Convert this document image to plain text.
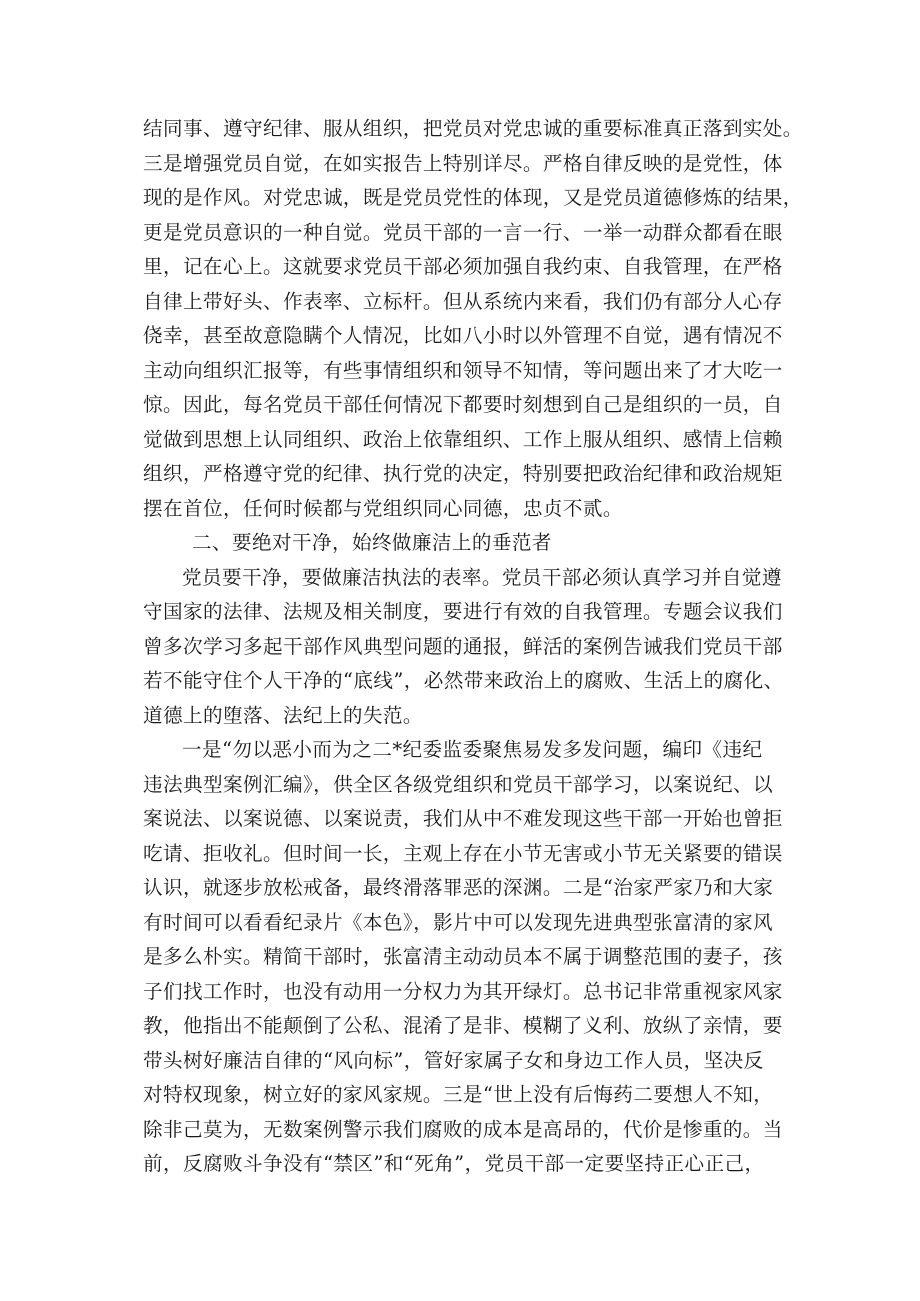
结同事、遵守纪律、服从组织，把党员对党忠诚的重要标准真正落到实处。
三是增强党员自觉，在如实报告上特别详尽。严格自律反映的是党性，体
现的是作风。对党忠诚，既是党员党性的体现，又是党员道德修炼的结果，
更是党员意识的一种自觉。党员干部的一言一行、一举一动群众都看在眼
里，记在心上。这就要求党员干部必须加强自我约束、自我管理，在严格
自律上带好头、作表率、立标杆。但从系统内来看，我们仍有部分人心存
侥幸，甚至故意隐瞒个人情况，比如八小时以外管理不自觉，遇有情况不
主动向组织汇报等，有些事情组织和领导不知情，等问题出来了才大吃一
惊。因此，每名党员干部任何情况下都要时刻想到自己是组织的一员，自
觉做到思想上认同组织、政治上依靠组织、工作上服从组织、感情上信赖
组织，严格遵守党的纪律、执行党的决定，特别要把政治纪律和政治规矩
摆在首位，任何时候都与党组织同心同德，忠贞不贰。
二、要绝对干净，始终做廉洁上的垂范者
党员要干净，要做廉洁执法的表率。党员干部必须认真学习并自觉遵
守国家的法律、法规及相关制度，要进行有效的自我管理。专题会议我们
曾多次学习多起干部作风典型问题的通报，鲜活的案例告诫我们党员干部
若不能守住个人干净的“底线”，必然带来政治上的腐败、生活上的腐化、
道德上的堕落、法纪上的失范。
一是“勿以恶小而为之二*纪委监委聚焦易发多发问题，编印《违纪
违法典型案例汇编》，供全区各级党组织和党员干部学习，以案说纪、以
案说法、以案说德、以案说责，我们从中不难发现这些干部一开始也曾拒
吃请、拒收礼。但时间一长，主观上存在小节无害或小节无关紧要的错误
认识，就逐步放松戒备，最终滑落罪恶的深渊。二是“治家严家乃和大家
有时间可以看看纪录片《本色》，影片中可以发现先进典型张富清的家风
是多么朴实。精简干部时，张富清主动动员本不属于调整范围的妻子，孩
子们找工作时，也没有动用一分权力为其开绿灯。总书记非常重视家风家
教，他指出不能颠倒了公私、混淆了是非、模糊了义利、放纵了亲情，要
带头树好廉洁自律的“风向标”，管好家属子女和身边工作人员，坚决反
对特权现象，树立好的家风家规。三是“世上没有后悔药二要想人不知，
除非己莫为，无数案例警示我们腐败的成本是高昂的，代价是惨重的。当
前，反腐败斗争没有“禁区”和“死角”，党员干部一定要坚持正心正己，
